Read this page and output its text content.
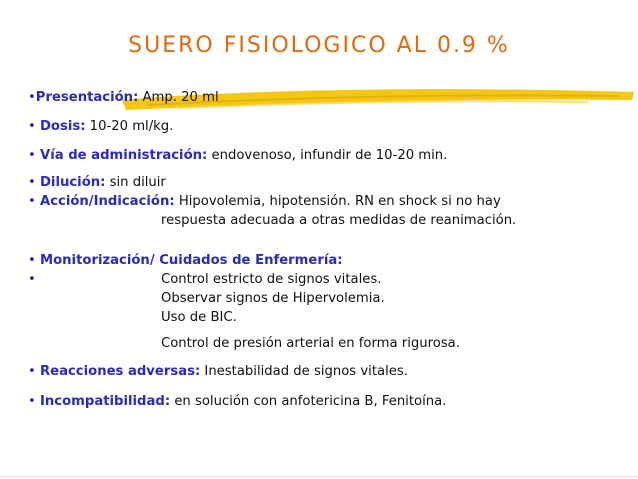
SUERO FISIOLOGICO AL 0.9 %
•Presentación: Amp. 20 ml
• Dosis: 10-20 ml/kg.
• Vía de administración: endovenoso, infundir de 10-20 min.
• Dilución: sin diluir
• Acción/Indicación: Hipovolemia, hipotensión. RN en shock si no hay
respuesta adecuada a otras medidas de reanimación.
• Monitorización/ Cuidados de Enfermería:
•	Control estricto de signos vitales.
Observar signos de Hipervolemia.
Uso de BIC.
Control de presión arterial en forma rigurosa.
• Reacciones adversas: Inestabilidad de signos vitales.
• Incompatibilidad: en solución con anfotericina B, Fenitoína.
